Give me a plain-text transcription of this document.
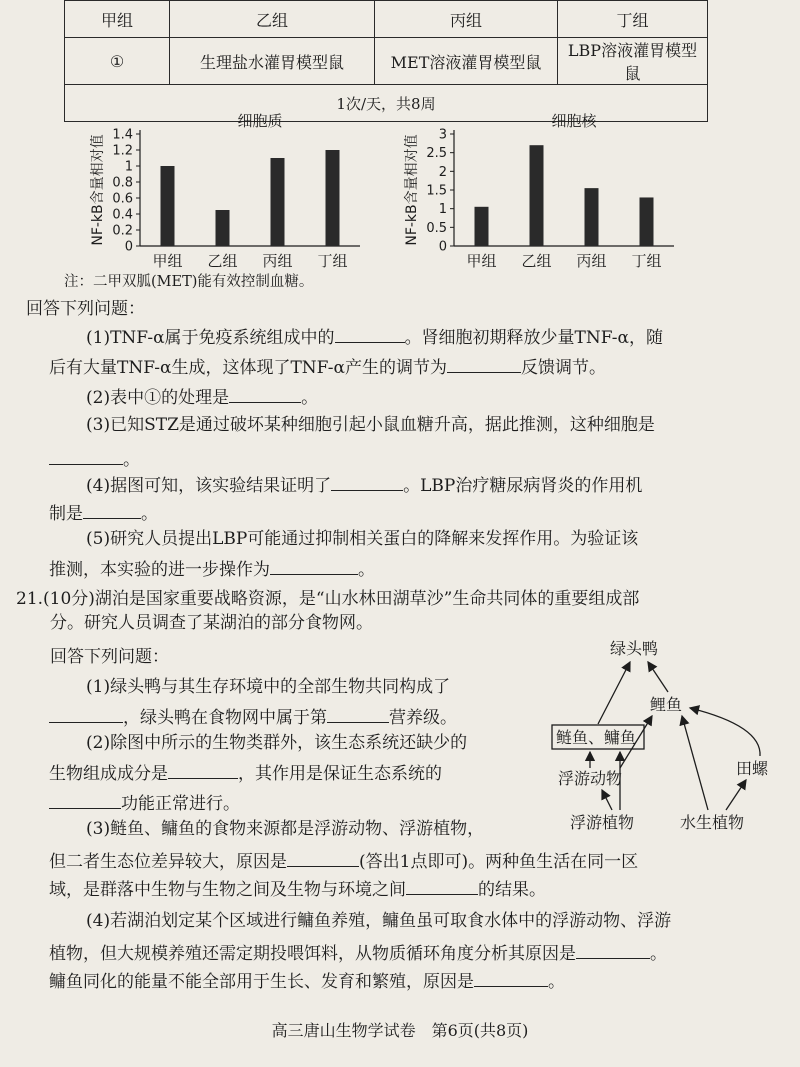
甲组	乙组	丙组	丁组
①	生理盐水灌胃模型鼠	MET溶液灌胃模型鼠	LBP溶液灌胃模型鼠
1次/天，共8周			
细胞质
NF-kB含量相对值
0
0.2
0.4
0.6
0.8
1
1.2
1.4
甲组 乙组 丙组 丁组
细胞核
NF-kB含量相对值
0
0.5
1
1.5
2
2.5
3
甲组 乙组 丙组 丁组
注：二甲双胍(MET)能有效控制血糖。
回答下列问题：
(1)TNF-α属于免疫系统组成中的	。肾细胞初期释放少量TNF-α，随
后有大量TNF-α生成，这体现了TNF-α产生的调节为	反馈调节。
(2)表中①的处理是	。
(3)已知STZ是通过破坏某种细胞引起小鼠血糖升高，据此推测，这种细胞是
。
(4)据图可知，该实验结果证明了	。LBP治疗糖尿病肾炎的作用机
制是	。
(5)研究人员提出LBP可能通过抑制相关蛋白的降解来发挥作用。为验证该
推测，本实验的进一步操作为	。
21.(10分)湖泊是国家重要战略资源，是“山水林田湖草沙”生命共同体的重要组成部
分。研究人员调查了某湖泊的部分食物网。
回答下列问题：
(1)绿头鸭与其生存环境中的全部生物共同构成了
，绿头鸭在食物网中属于第	营养级。
(2)除图中所示的生物类群外，该生态系统还缺少的
生物组成成分是	，其作用是保证生态系统的
功能正常进行。
(3)鲢鱼、鳙鱼的食物来源都是浮游动物、浮游植物，
但二者生态位差异较大，原因是	(答出1点即可)。两种鱼生活在同一区
域，是群落中生物与生物之间及生物与环境之间	的结果。
(4)若湖泊划定某个区域进行鳙鱼养殖，鳙鱼虽可取食水体中的浮游动物、浮游
植物，但大规模养殖还需定期投喂饵料，从物质循环角度分析其原因是	。
鳙鱼同化的能量不能全部用于生长、发育和繁殖，原因是	。
绿头鸭
鲤鱼
鲢鱼、鳙鱼
田螺
浮游动物
浮游植物	水生植物
高三唐山生物学试卷　第6页(共8页)
